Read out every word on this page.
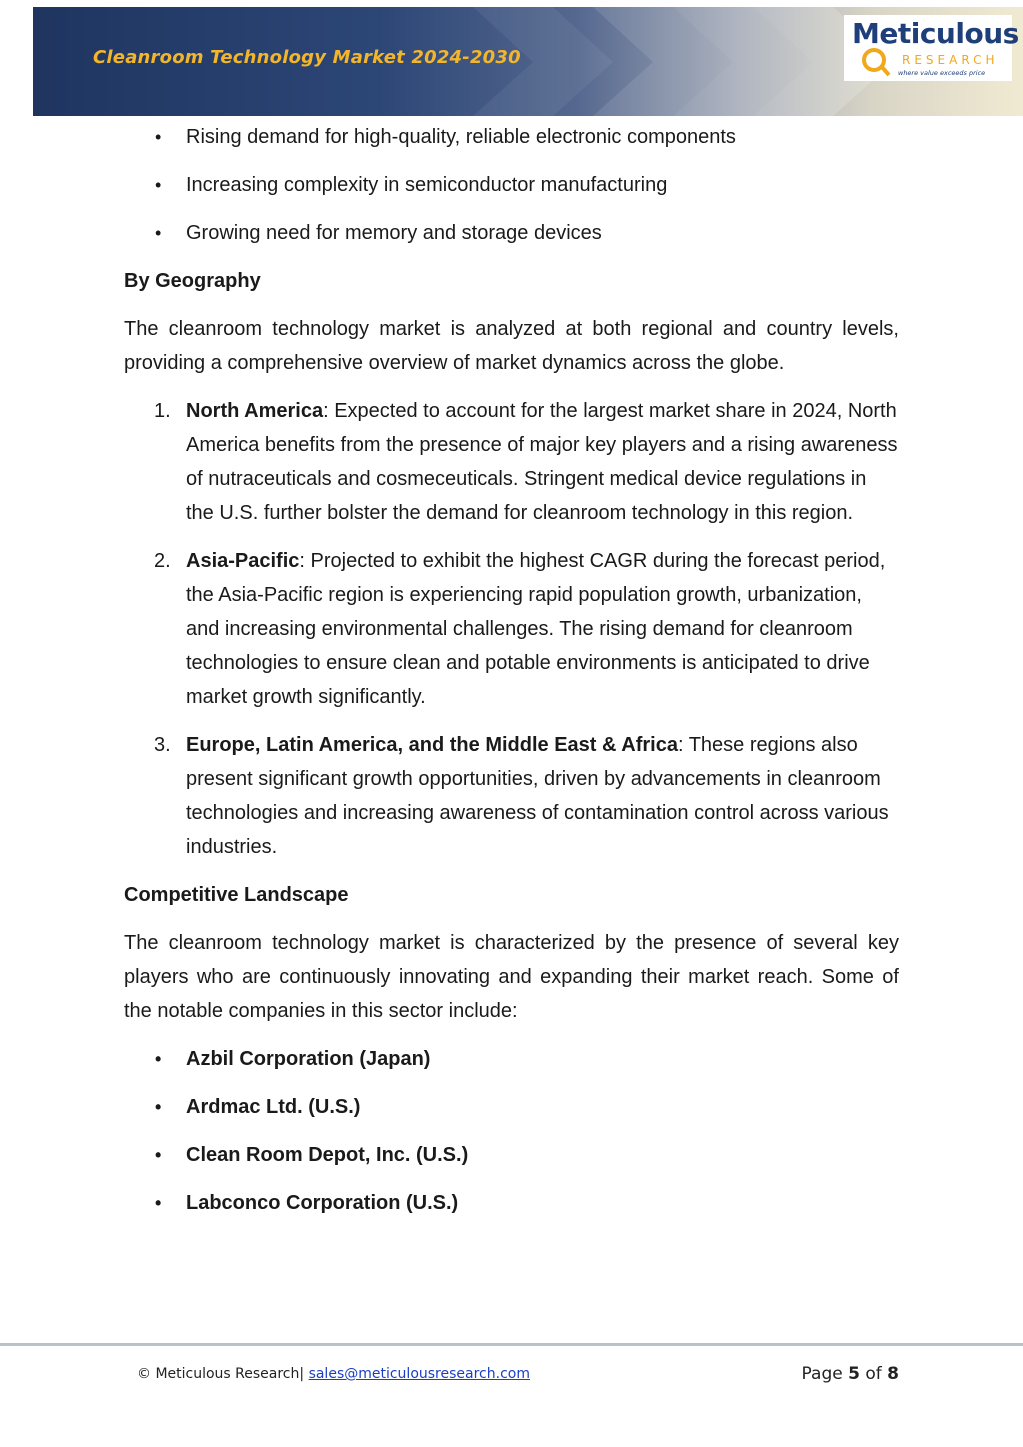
Cleanroom Technology Market 2024-2030
Meticulous
RESEARCH
where value exceeds price
• Rising demand for high-quality, reliable electronic components
• Increasing complexity in semiconductor manufacturing
• Growing need for memory and storage devices
By Geography

The cleanroom technology market is analyzed at both regional and country levels, providing a comprehensive overview of market dynamics across the globe.

1. North America: Expected to account for the largest market share in 2024, North America benefits from the presence of major key players and a rising awareness of nutraceuticals and cosmeceuticals. Stringent medical device regulations in the U.S. further bolster the demand for cleanroom technology in this region.
2. Asia-Pacific: Projected to exhibit the highest CAGR during the forecast period, the Asia-Pacific region is experiencing rapid population growth, urbanization, and increasing environmental challenges. The rising demand for cleanroom technologies to ensure clean and potable environments is anticipated to drive market growth significantly.
3. Europe, Latin America, and the Middle East & Africa: These regions also present significant growth opportunities, driven by advancements in cleanroom technologies and increasing awareness of contamination control across various industries.
Competitive Landscape

The cleanroom technology market is characterized by the presence of several key players who are continuously innovating and expanding their market reach. Some of the notable companies in this sector include:

• Azbil Corporation (Japan)
• Ardmac Ltd. (U.S.)
• Clean Room Depot, Inc. (U.S.)
• Labconco Corporation (U.S.)
© Meticulous Research| sales@meticulousresearch.com	Page 5 of 8
